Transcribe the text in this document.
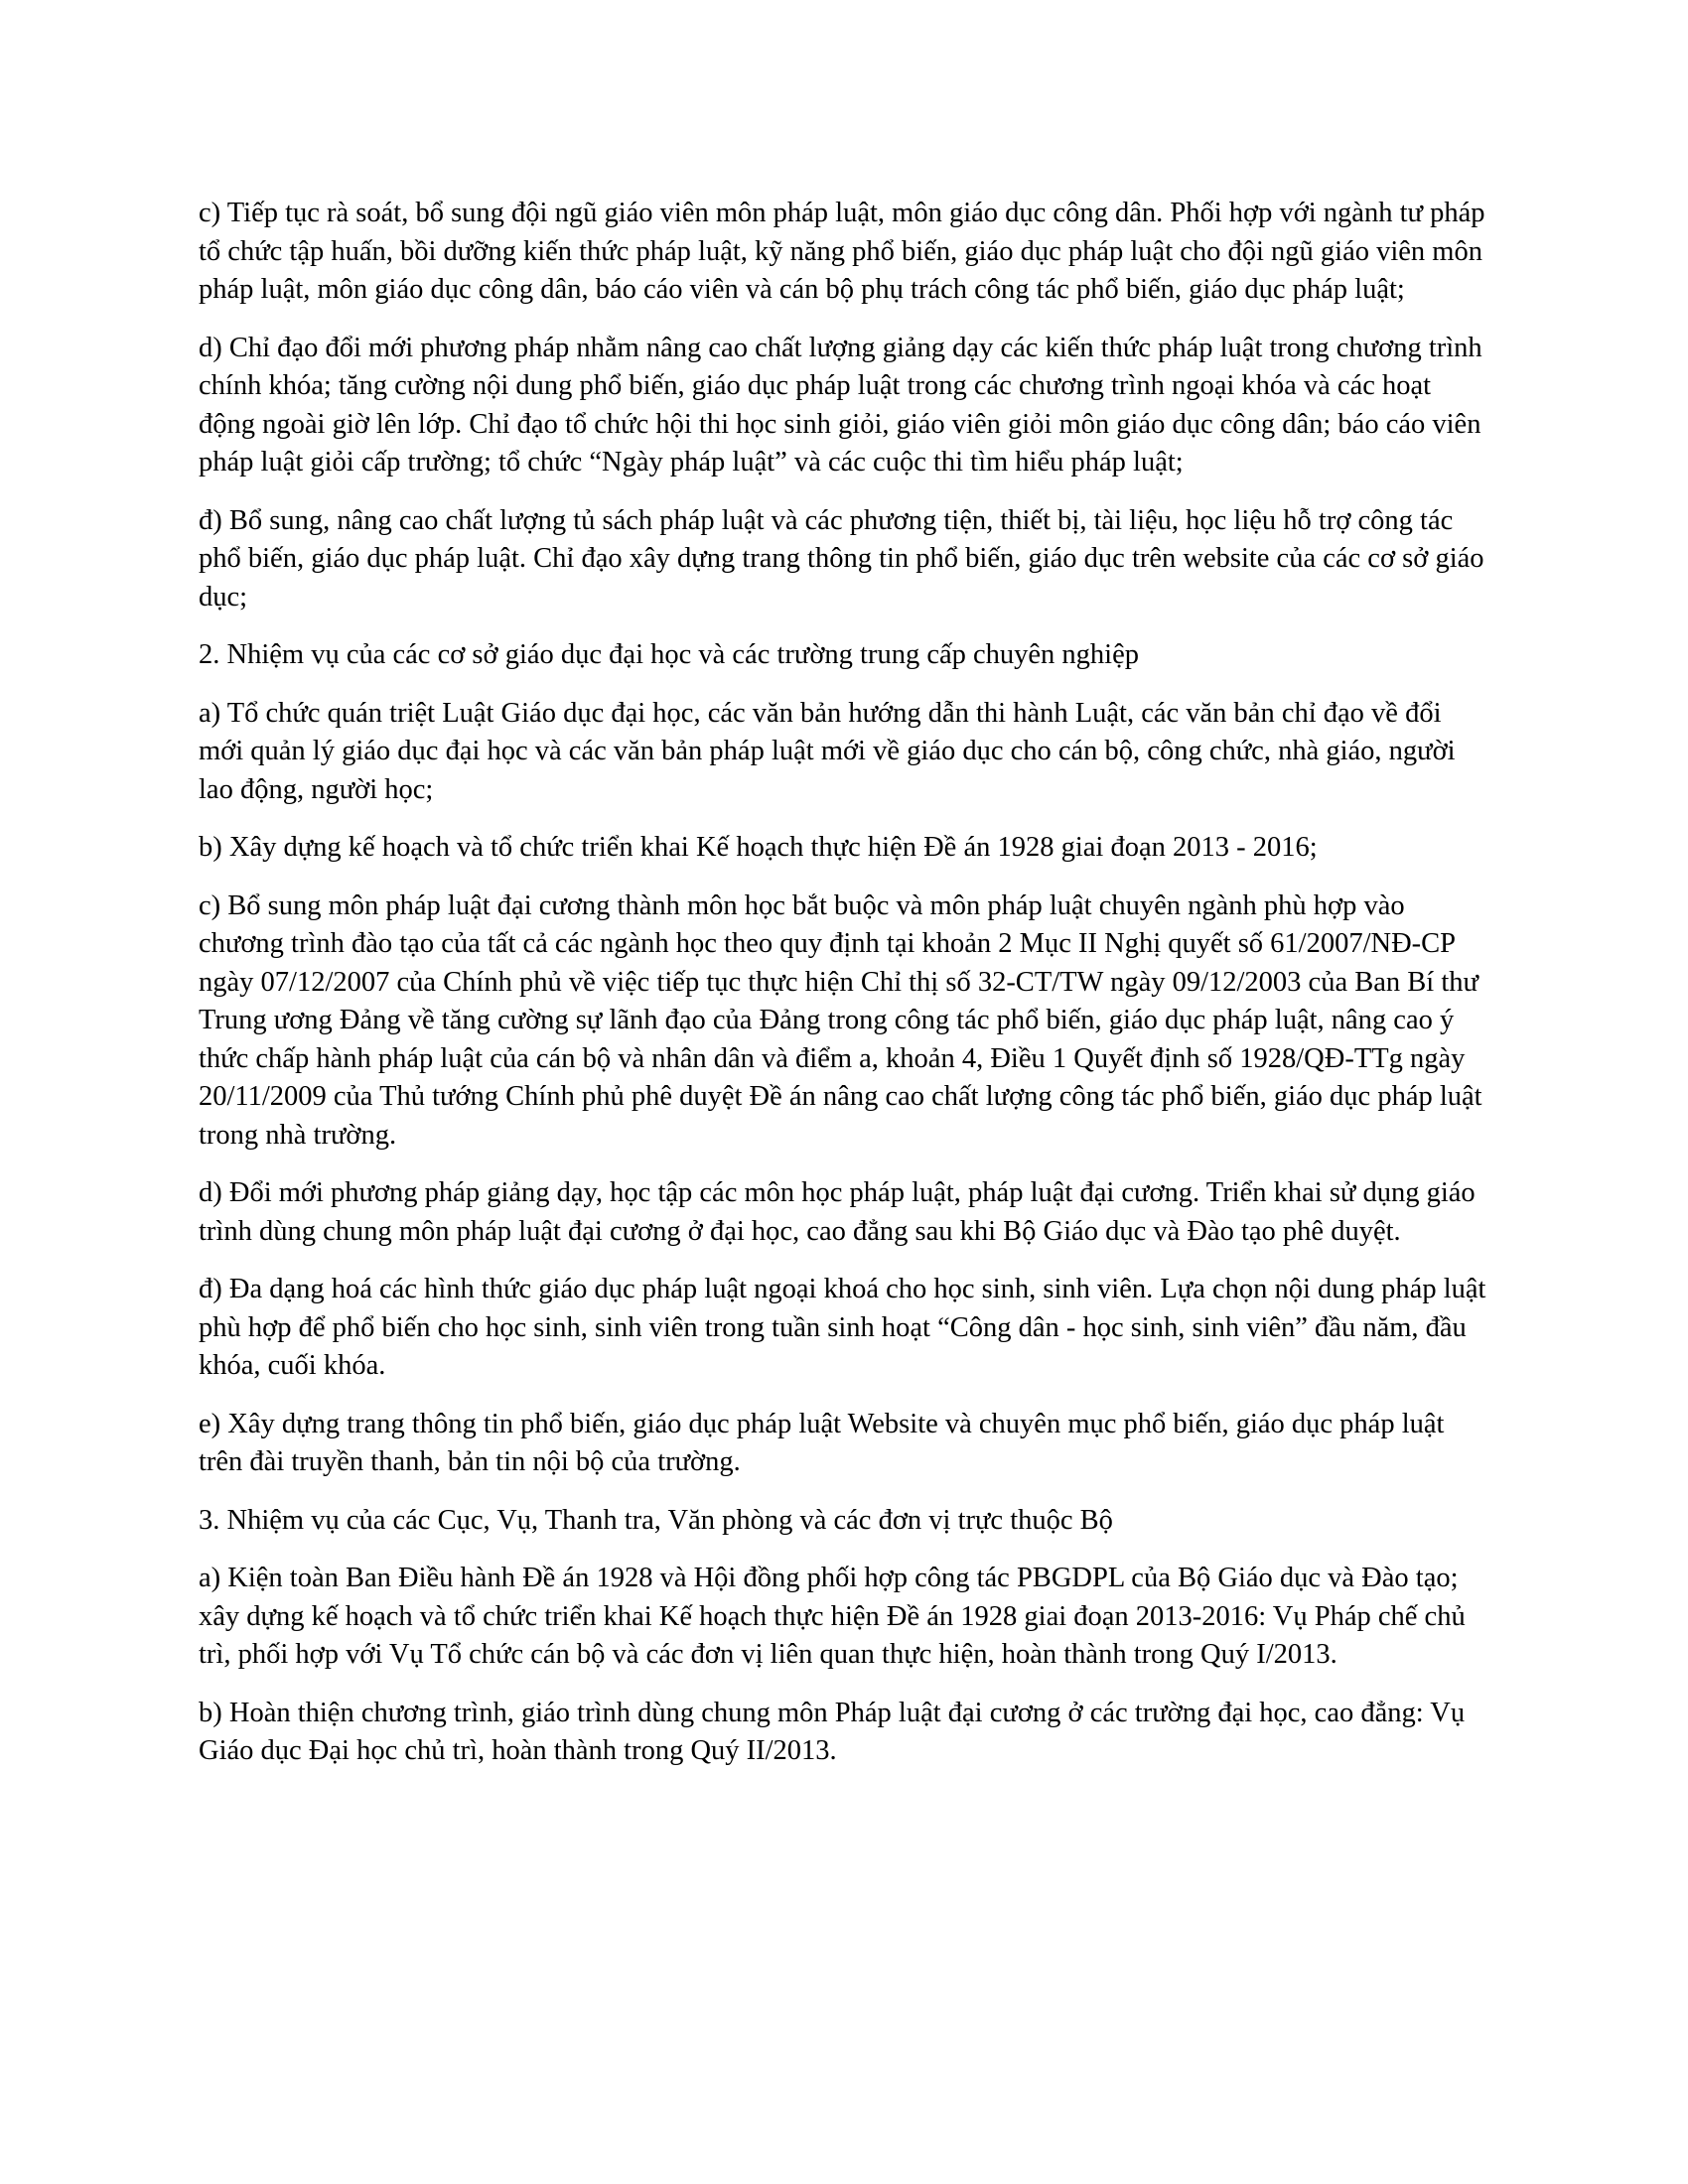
c) Tiếp tục rà soát, bổ sung đội ngũ giáo viên môn pháp luật, môn giáo dục công dân. Phối hợp với ngành tư pháp tổ chức tập huấn, bồi dưỡng kiến thức pháp luật, kỹ năng phổ biến, giáo dục pháp luật cho đội ngũ giáo viên môn pháp luật, môn giáo dục công dân, báo cáo viên và cán bộ phụ trách công tác phổ biến, giáo dục pháp luật;

d) Chỉ đạo đổi mới phương pháp nhằm nâng cao chất lượng giảng dạy các kiến thức pháp luật trong chương trình chính khóa; tăng cường nội dung phổ biến, giáo dục pháp luật trong các chương trình ngoại khóa và các hoạt động ngoài giờ lên lớp. Chỉ đạo tổ chức hội thi học sinh giỏi, giáo viên giỏi môn giáo dục công dân; báo cáo viên pháp luật giỏi cấp trường; tổ chức “Ngày pháp luật” và các cuộc thi tìm hiểu pháp luật;

đ) Bổ sung, nâng cao chất lượng tủ sách pháp luật và các phương tiện, thiết bị, tài liệu, học liệu hỗ trợ công tác phổ biến, giáo dục pháp luật. Chỉ đạo xây dựng trang thông tin phổ biến, giáo dục trên website của các cơ sở giáo dục;

2. Nhiệm vụ của các cơ sở giáo dục đại học và các trường trung cấp chuyên nghiệp

a) Tổ chức quán triệt Luật Giáo dục đại học, các văn bản hướng dẫn thi hành Luật, các văn bản chỉ đạo về đổi mới quản lý giáo dục đại học và các văn bản pháp luật mới về giáo dục cho cán bộ, công chức, nhà giáo, người lao động, người học;

b) Xây dựng kế hoạch và tổ chức triển khai Kế hoạch thực hiện Đề án 1928 giai đoạn 2013 - 2016;

c) Bổ sung môn pháp luật đại cương thành môn học bắt buộc và môn pháp luật chuyên ngành phù hợp vào chương trình đào tạo của tất cả các ngành học theo quy định tại khoản 2 Mục II Nghị quyết số 61/2007/NĐ-CP ngày 07/12/2007 của Chính phủ về việc tiếp tục thực hiện Chỉ thị số 32-CT/TW ngày 09/12/2003 của Ban Bí thư Trung ương Đảng về tăng cường sự lãnh đạo của Đảng trong công tác phổ biến, giáo dục pháp luật, nâng cao ý thức chấp hành pháp luật của cán bộ và nhân dân và điểm a, khoản 4, Điều 1 Quyết định số 1928/QĐ-TTg ngày 20/11/2009 của Thủ tướng Chính phủ phê duyệt Đề án nâng cao chất lượng công tác phổ biến, giáo dục pháp luật trong nhà trường.

d) Đổi mới phương pháp giảng dạy, học tập các môn học pháp luật, pháp luật đại cương. Triển khai sử dụng giáo trình dùng chung môn pháp luật đại cương ở đại học, cao đẳng sau khi Bộ Giáo dục và Đào tạo phê duyệt.

đ) Đa dạng hoá các hình thức giáo dục pháp luật ngoại khoá cho học sinh, sinh viên. Lựa chọn nội dung pháp luật phù hợp để phổ biến cho học sinh, sinh viên trong tuần sinh hoạt “Công dân - học sinh, sinh viên” đầu năm, đầu khóa, cuối khóa.

e) Xây dựng trang thông tin phổ biến, giáo dục pháp luật Website và chuyên mục phổ biến, giáo dục pháp luật trên đài truyền thanh, bản tin nội bộ của trường.

3. Nhiệm vụ của các Cục, Vụ, Thanh tra, Văn phòng và các đơn vị trực thuộc Bộ

a) Kiện toàn Ban Điều hành Đề án 1928 và Hội đồng phối hợp công tác PBGDPL của Bộ Giáo dục và Đào tạo; xây dựng kế hoạch và tổ chức triển khai Kế hoạch thực hiện Đề án 1928 giai đoạn 2013-2016: Vụ Pháp chế chủ trì, phối hợp với Vụ Tổ chức cán bộ và các đơn vị liên quan thực hiện, hoàn thành trong Quý I/2013.

b) Hoàn thiện chương trình, giáo trình dùng chung môn Pháp luật đại cương ở các trường đại học, cao đẳng: Vụ Giáo dục Đại học chủ trì, hoàn thành trong Quý II/2013.
